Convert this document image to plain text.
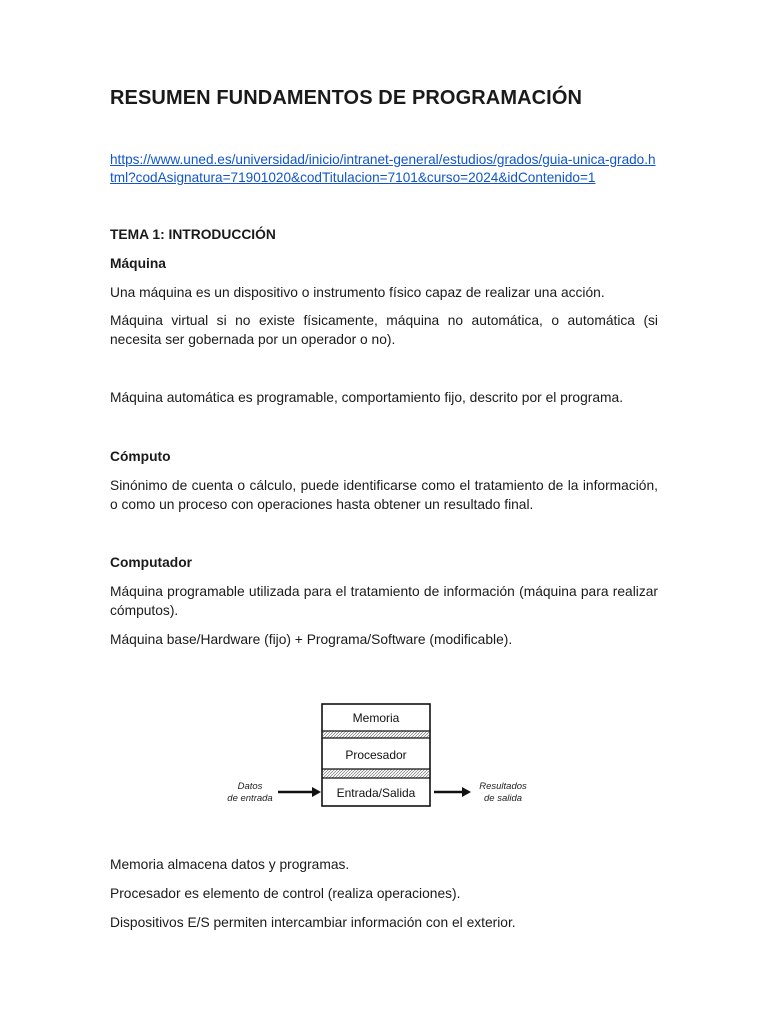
RESUMEN FUNDAMENTOS DE PROGRAMACIÓN
https://www.uned.es/universidad/inicio/intranet-general/estudios/grados/guia-unica-grado.html?codAsignatura=71901020&codTitulacion=7101&curso=2024&idContenido=1

TEMA 1: INTRODUCCIÓN

Máquina

Una máquina es un dispositivo o instrumento físico capaz de realizar una acción.

Máquina virtual si no existe físicamente, máquina no automática, o automática (si necesita ser gobernada por un operador o no).

Máquina automática es programable, comportamiento fijo, descrito por el programa.

Cómputo

Sinónimo de cuenta o cálculo, puede identificarse como el tratamiento de la información, o como un proceso con operaciones hasta obtener un resultado final.

Computador

Máquina programable utilizada para el tratamiento de información (máquina para realizar cómputos).

Máquina base/Hardware (fijo) + Programa/Software (modificable).

Memoria almacena datos y programas.

Procesador es elemento de control (realiza operaciones).

Dispositivos E/S permiten intercambiar información con el exterior.

Memoria
Procesador
Entrada/Salida
Datos
de entrada
Resultados
de salida
